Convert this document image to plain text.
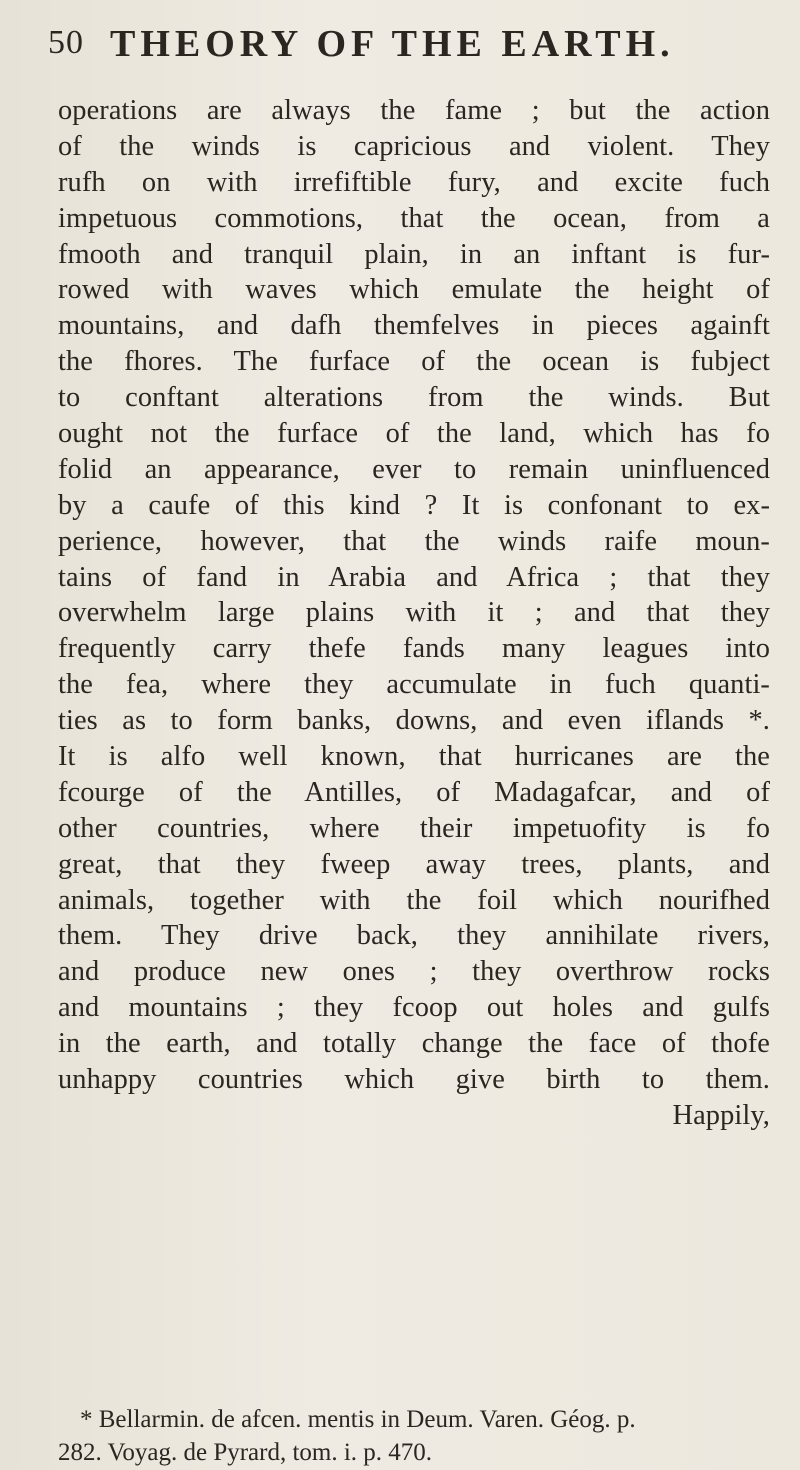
50 THEORY OF THE EARTH.
operations are always the fame ; but the action
of the winds is capricious and violent. They
rufh on with irrefiftible fury, and excite fuch
impetuous commotions, that the ocean, from a
fmooth and tranquil plain, in an inftant is fur-
rowed with waves which emulate the height of
mountains, and dafh themfelves in pieces againft
the fhores. The furface of the ocean is fubject
to conftant alterations from the winds. But
ought not the furface of the land, which has fo
folid an appearance, ever to remain uninfluenced
by a caufe of this kind ? It is confonant to ex-
perience, however, that the winds raife moun-
tains of fand in Arabia and Africa ; that they
overwhelm large plains with it ; and that they
frequently carry thefe fands many leagues into
the fea, where they accumulate in fuch quanti-
ties as to form banks, downs, and even iflands *.
It is alfo well known, that hurricanes are the
fcourge of the Antilles, of Madagafcar, and of
other countries, where their impetuofity is fo
great, that they fweep away trees, plants, and
animals, together with the foil which nourifhed
them. They drive back, they annihilate rivers,
and produce new ones ; they overthrow rocks
and mountains ; they fcoop out holes and gulfs
in the earth, and totally change the face of thofe
unhappy countries which give birth to them.
Happily,
* Bellarmin. de afcen. mentis in Deum. Varen. Géog. p.
282. Voyag. de Pyrard, tom. i. p. 470.
